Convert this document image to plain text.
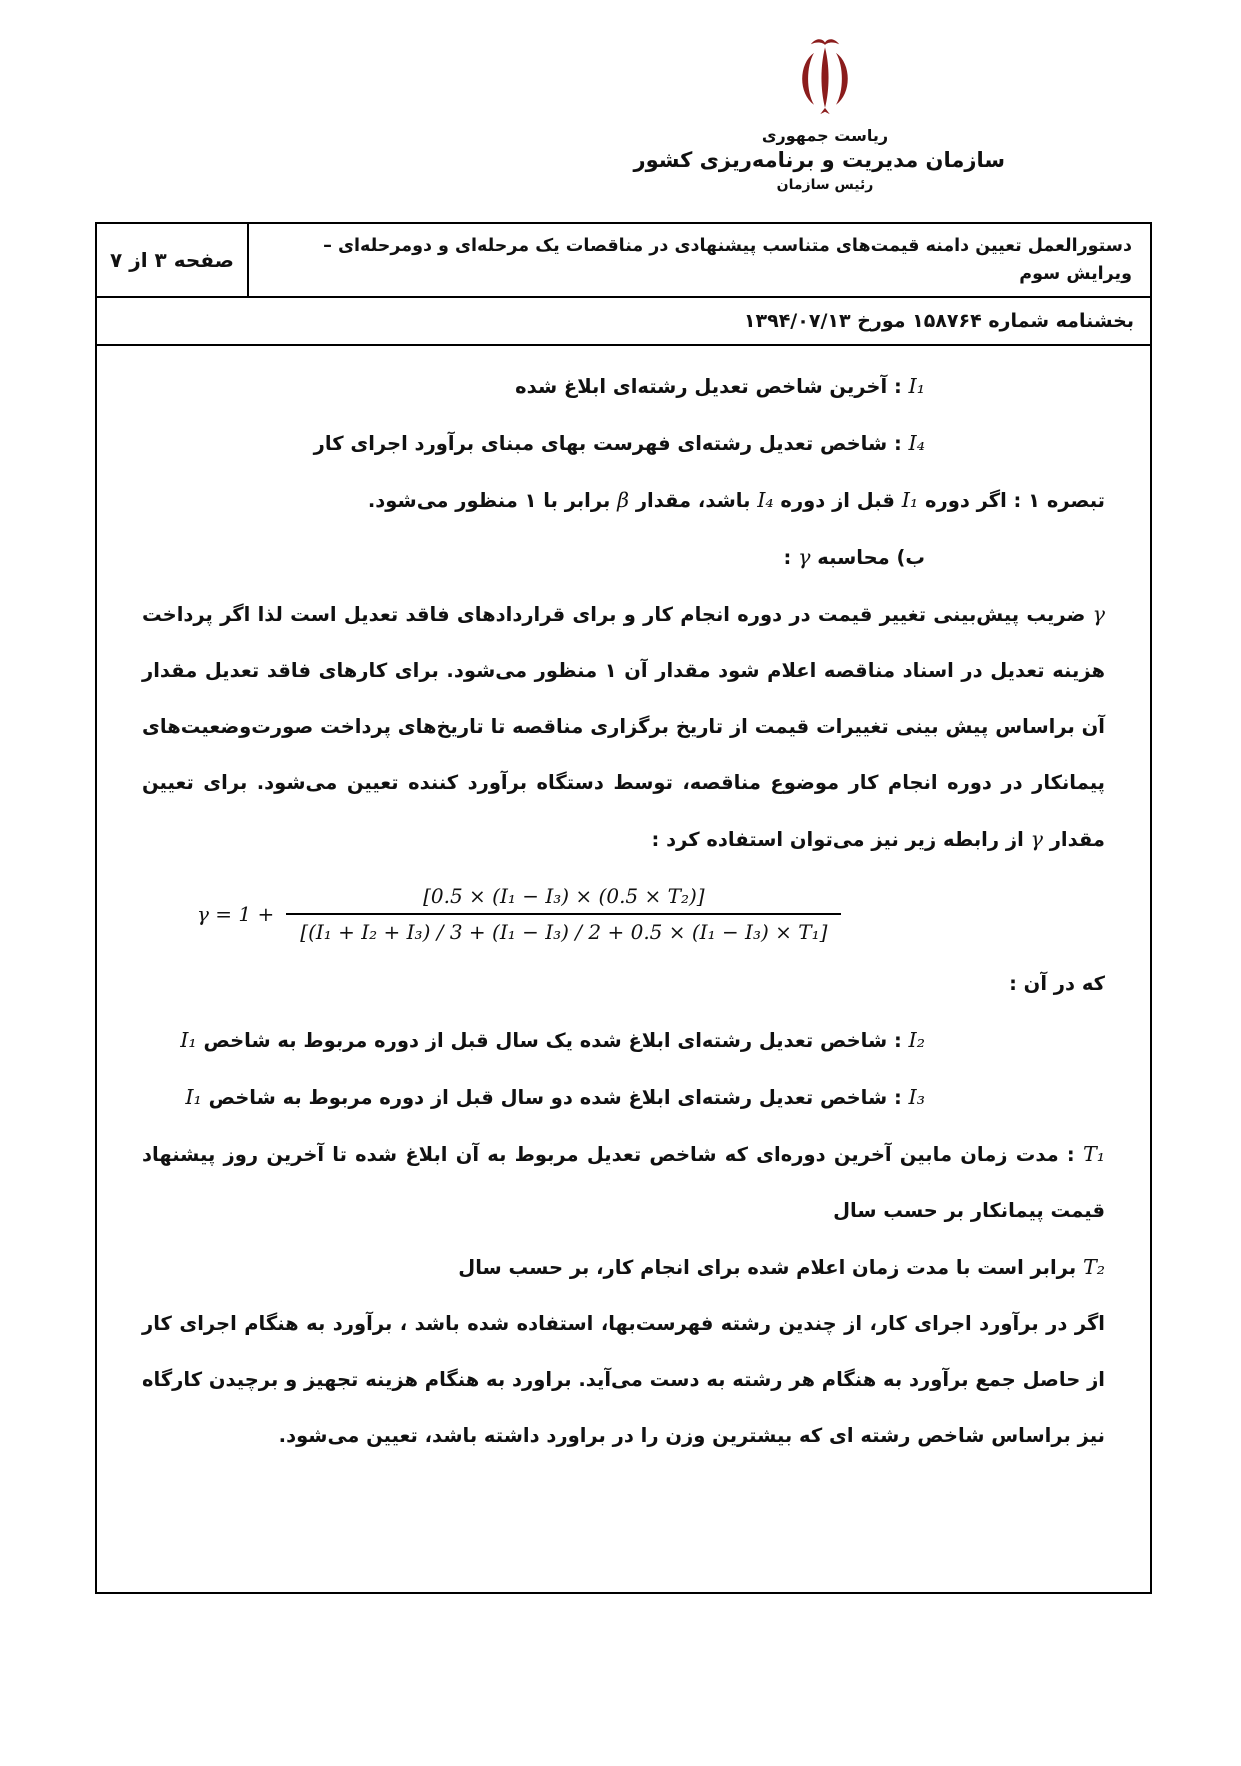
ریاست جمهوری
سازمان مدیریت و برنامه‌ریزی کشور
رئیس سازمان
دستورالعمل تعیین دامنه قیمت‌های متناسب پیشنهادی در مناقصات یک مرحله‌ای و دومرحله‌ای – ویرایش سوم
صفحه ۳ از ۷
بخشنامه شماره ۱۵۸۷۶۴ مورخ ۱۳۹۴/۰۷/۱۳
I₁ : آخرین شاخص تعدیل رشته‌ای ابلاغ شده
I₄ : شاخص تعدیل رشته‌ای فهرست بهای مبنای برآورد اجرای کار
تبصره ۱ : اگر دوره I₁ قبل از دوره I₄ باشد، مقدار β برابر با ۱ منظور می‌شود.
ب) محاسبه γ :
γ ضریب پیش‌بینی تغییر قیمت در دوره انجام کار و برای قراردادهای فاقد تعدیل است لذا اگر پرداخت هزینه تعدیل در اسناد مناقصه اعلام شود مقدار آن ۱ منظور می‌شود. برای کارهای فاقد تعدیل مقدار آن براساس پیش بینی تغییرات قیمت از تاریخ برگزاری مناقصه تا تاریخ‌های پرداخت صورت‌وضعیت‌های پیمانکار در دوره انجام کار موضوع مناقصه، توسط دستگاه برآورد کننده تعیین می‌شود. برای تعیین مقدار γ از رابطه زیر نیز می‌توان استفاده کرد :
$\gamma = 1 + \frac{\text{[0.5 × (I₁ − I₃) × (0.5 × T₂)]}}{\text{[(I₁ + I₂ + I₃) / 3 + (I₁ − I₃) / 2 + 0.5 × (I₁ − I₃) × T₁]}}$
که در آن :
I₂ : شاخص تعدیل رشته‌ای ابلاغ شده یک سال قبل از دوره مربوط به شاخص I₁
I₃ : شاخص تعدیل رشته‌ای ابلاغ شده دو سال قبل از دوره مربوط به شاخص I₁
T₁ : مدت زمان مابین آخرین دوره‌ای که شاخص تعدیل مربوط به آن ابلاغ شده تا آخرین روز پیشنهاد قیمت پیمانکار بر حسب سال
T₂ برابر است با مدت زمان اعلام شده برای انجام کار، بر حسب سال
اگر در برآورد اجرای کار، از چندین رشته فهرست‌بها، استفاده شده باشد ، برآورد به هنگام اجرای کار از حاصل جمع برآورد به هنگام هر رشته به دست می‌آید. براورد به هنگام هزینه تجهیز و برچیدن کارگاه نیز براساس شاخص رشته ای که بیشترین وزن را در براورد داشته باشد، تعیین می‌شود.
